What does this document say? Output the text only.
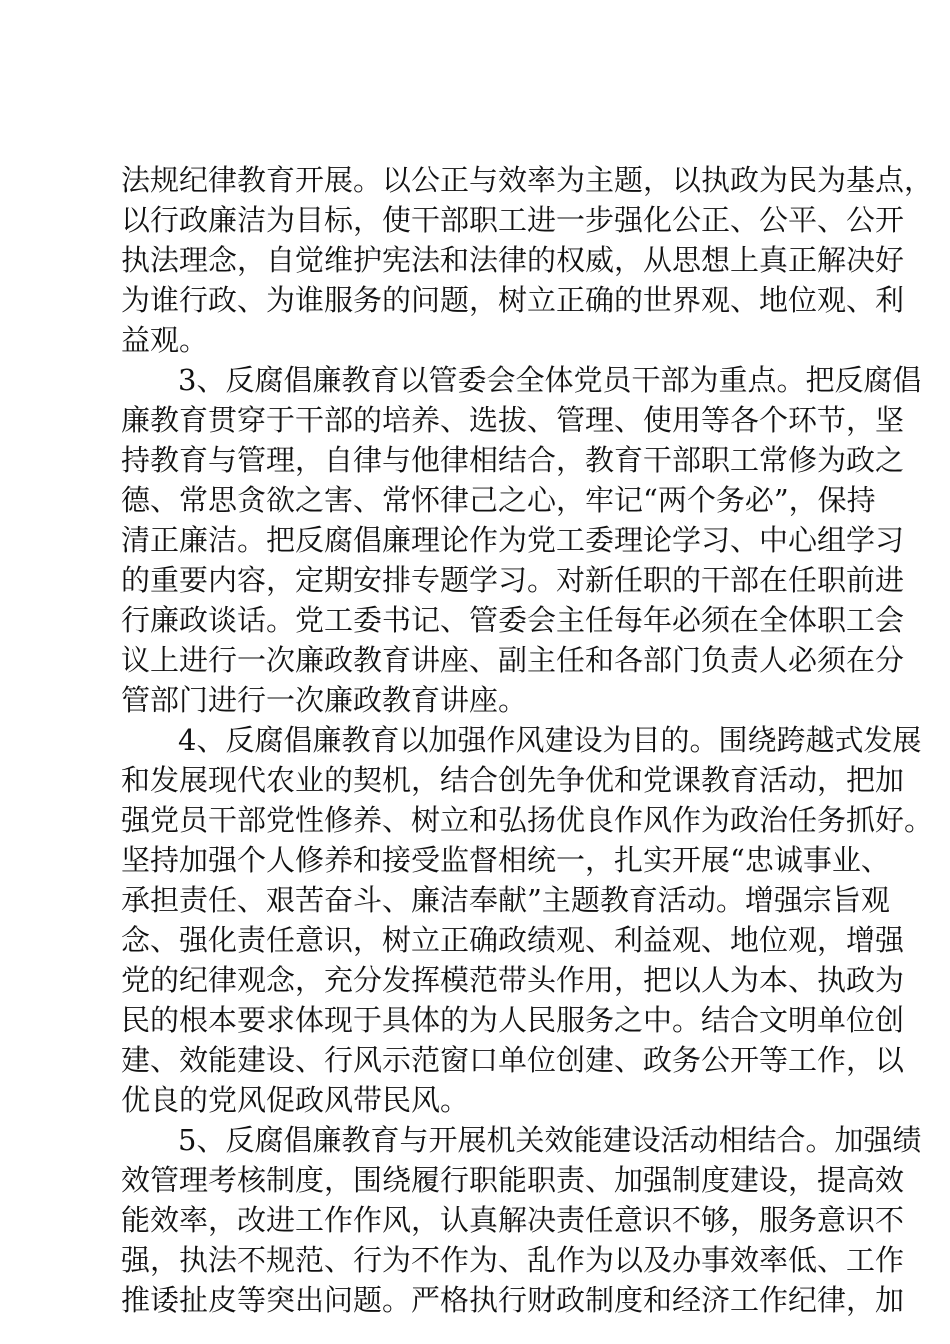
法规纪律教育开展。以公正与效率为主题，以执政为民为基点，
以行政廉洁为目标，使干部职工进一步强化公正、公平、公开
执法理念，自觉维护宪法和法律的权威，从思想上真正解决好
为谁行政、为谁服务的问题，树立正确的世界观、地位观、利
益观。
3、反腐倡廉教育以管委会全体党员干部为重点。把反腐倡
廉教育贯穿于干部的培养、选拔、管理、使用等各个环节，坚
持教育与管理，自律与他律相结合，教育干部职工常修为政之
德、常思贪欲之害、常怀律己之心，牢记“两个务必”，保持
清正廉洁。把反腐倡廉理论作为党工委理论学习、中心组学习
的重要内容，定期安排专题学习。对新任职的干部在任职前进
行廉政谈话。党工委书记、管委会主任每年必须在全体职工会
议上进行一次廉政教育讲座、副主任和各部门负责人必须在分
管部门进行一次廉政教育讲座。
4、反腐倡廉教育以加强作风建设为目的。围绕跨越式发展
和发展现代农业的契机，结合创先争优和党课教育活动，把加
强党员干部党性修养、树立和弘扬优良作风作为政治任务抓好。
坚持加强个人修养和接受监督相统一，扎实开展“忠诚事业、
承担责任、艰苦奋斗、廉洁奉献”主题教育活动。增强宗旨观
念、强化责任意识，树立正确政绩观、利益观、地位观，增强
党的纪律观念，充分发挥模范带头作用，把以人为本、执政为
民的根本要求体现于具体的为人民服务之中。结合文明单位创
建、效能建设、行风示范窗口单位创建、政务公开等工作，以
优良的党风促政风带民风。
5、反腐倡廉教育与开展机关效能建设活动相结合。加强绩
效管理考核制度，围绕履行职能职责、加强制度建设，提高效
能效率，改进工作作风，认真解决责任意识不够，服务意识不
强，执法不规范、行为不作为、乱作为以及办事效率低、工作
推诿扯皮等突出问题。严格执行财政制度和经济工作纪律，加
